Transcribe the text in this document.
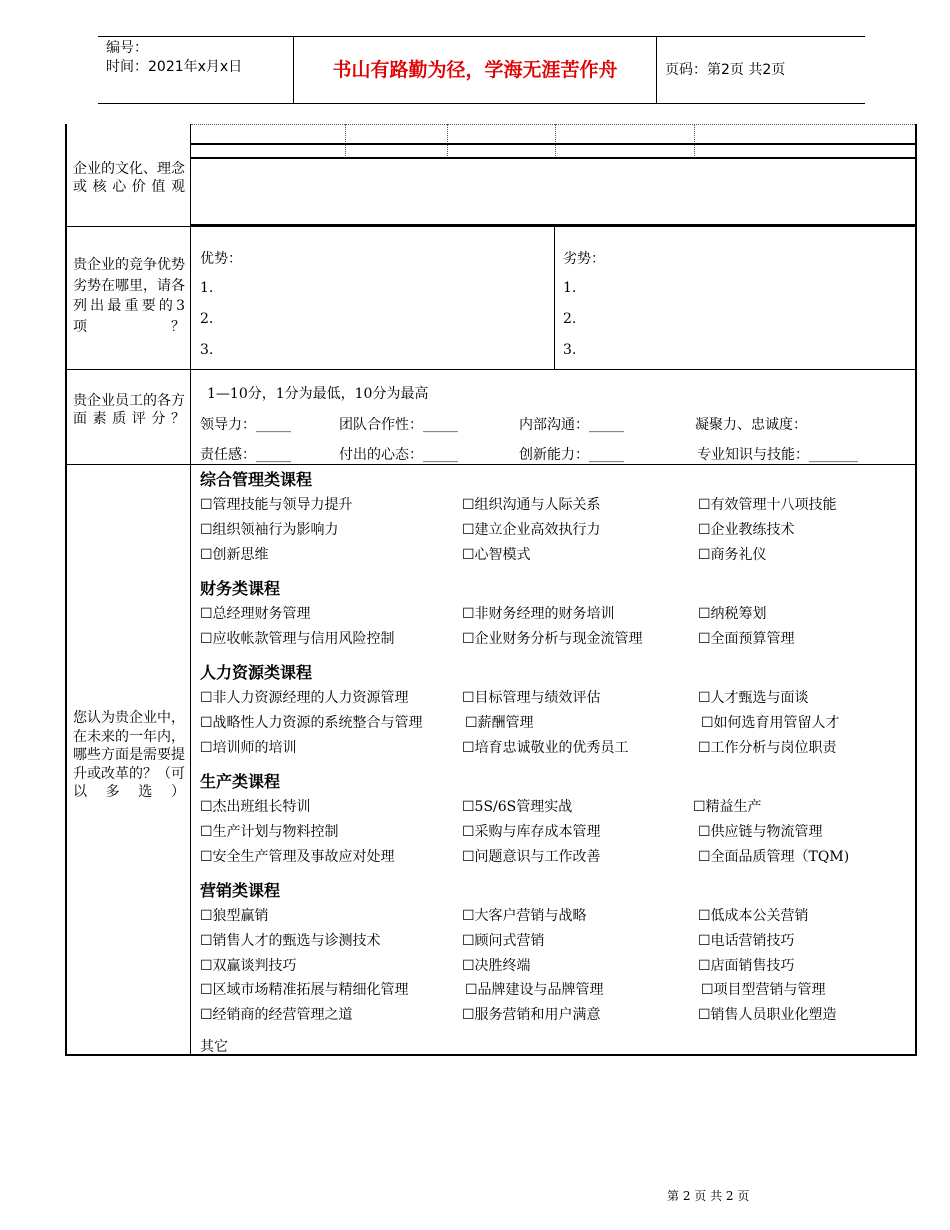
编号：
时间：2021年x月x日	书山有路勤为径，学海无涯苦作舟	页码：第2页 共2页
企业的文化、理念或核心价值观
贵企业的竞争优势劣势在哪里，请各列出最重要的3项？
优势：
1.
2.
3.
劣势：
1.
2.
3.
贵企业员工的各方面素质评分？
1—10分，1分为最低，10分为最高
领导力：_____	团队合作性：_____	内部沟通：_____	凝聚力、忠诚度：
责任感：_____	付出的心态：_____	创新能力：_____	专业知识与技能：_______
您认为贵企业中，在未来的一年内，哪些方面是需要提升或改革的？（可以多选）
综合管理类课程
☐管理技能与领导力提升	☐组织沟通与人际关系	☐有效管理十八项技能
☐组织领袖行为影响力	☐建立企业高效执行力	☐企业教练技术
☐创新思维	☐心智模式	☐商务礼仪
财务类课程
☐总经理财务管理	☐非财务经理的财务培训	☐纳税筹划
☐应收帐款管理与信用风险控制	☐企业财务分析与现金流管理	☐全面预算管理
人力资源类课程
☐非人力资源经理的人力资源管理	☐目标管理与绩效评估	☐人才甄选与面谈
☐战略性人力资源的系统整合与管理	☐薪酬管理	☐如何选育用管留人才
☐培训师的培训	☐培育忠诚敬业的优秀员工	☐工作分析与岗位职责
生产类课程
☐杰出班组长特训	☐5S/6S管理实战	☐精益生产
☐生产计划与物料控制	☐采购与库存成本管理	☐供应链与物流管理
☐安全生产管理及事故应对处理	☐问题意识与工作改善	☐全面品质管理（TQM)
营销类课程
☐狼型赢销	☐大客户营销与战略	☐低成本公关营销
☐销售人才的甄选与诊测技术	☐顾问式营销	☐电话营销技巧
☐双赢谈判技巧	☐决胜终端	☐店面销售技巧
☐区域市场精准拓展与精细化管理	☐品牌建设与品牌管理	☐项目型营销与管理
☐经销商的经营管理之道	☐服务营销和用户满意	☐销售人员职业化塑造
其它
第 2 页 共 2 页
